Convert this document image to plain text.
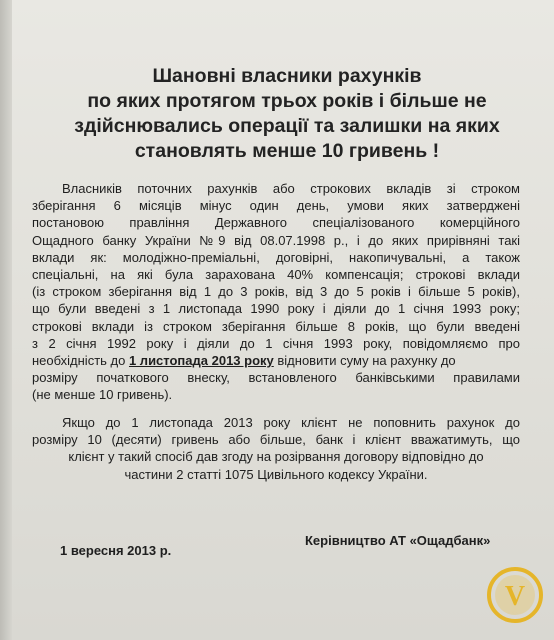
Шановні власники рахунків
по яких протягом трьох років і більше не
здійснювались операції та залишки на яких
становлять менше 10 гривень !
Власників поточних рахунків або строкових вкладів зі строком
зберігання 6 місяців мінус один день, умови яких затверджені
постановою правління Державного спеціалізованого комерційного
Ощадного банку України №9 від 08.07.1998 р., і до яких прирівняні такі
вклади як: молодіжно-преміальні, договірні, накопичувальні, а також
спеціальні, на які була зарахована 40% компенсація; строкові вклади
(із строком зберігання від 1 до 3 років, від 3 до 5 років і більше 5 років),
що були введені з 1 листопада 1990 року і діяли до 1 січня 1993 року;
строкові вклади із строком зберігання більше 8 років, що були введені
з 2 січня 1992 року і діяли до 1 січня 1993 року, повідомляємо про
необхідність до 1 листопада 2013 року відновити суму на рахунку до
розміру початкового внеску, встановленого банківськими правилами
(не менше 10 гривень).
Якщо до 1 листопада 2013 року клієнт не поповнить рахунок до
розміру 10 (десяти) гривень або більше, банк і клієнт вважатимуть, що
клієнт у такий спосіб дав згоду на розірвання договору відповідно до
частини 2 статті 1075 Цивільного кодексу України.

1 вересня 2013 р.

Керівництво АТ «Ощадбанк»

V
